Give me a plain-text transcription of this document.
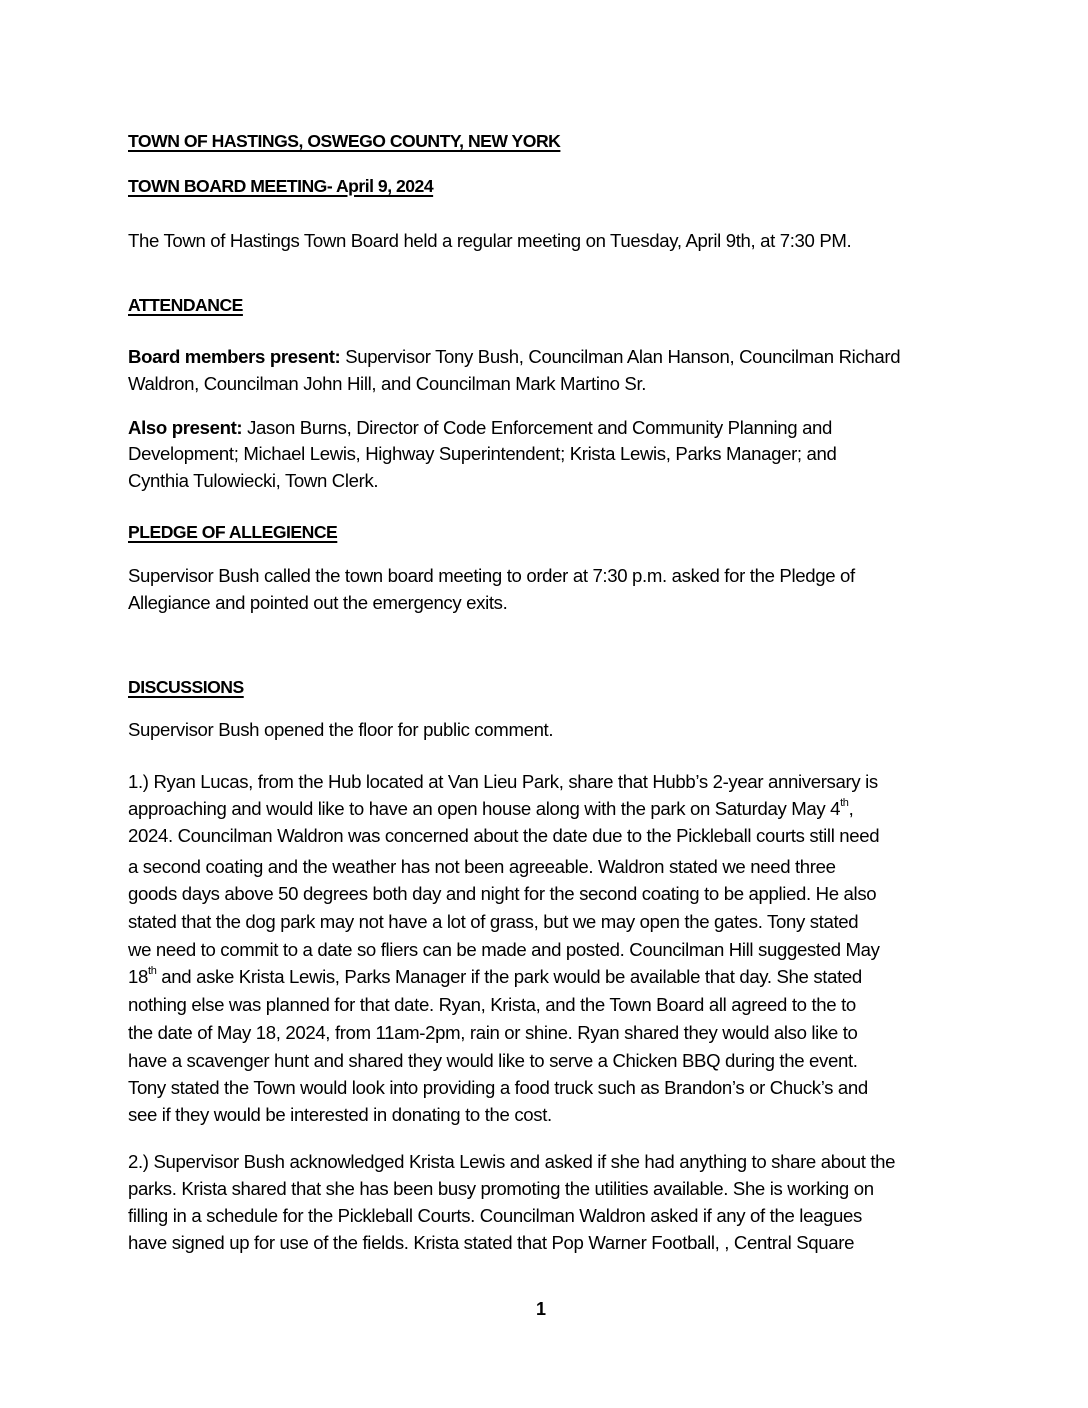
TOWN OF HASTINGS, OSWEGO COUNTY, NEW YORK
TOWN BOARD MEETING- April 9, 2024
The Town of Hastings Town Board held a regular meeting on Tuesday, April 9th, at 7:30 PM.
ATTENDANCE
Board members present: Supervisor Tony Bush, Councilman Alan Hanson, Councilman Richard
Waldron, Councilman John Hill, and Councilman Mark Martino Sr.
Also present: Jason Burns, Director of Code Enforcement and Community Planning and
Development; Michael Lewis, Highway Superintendent; Krista Lewis, Parks Manager; and
Cynthia Tulowiecki, Town Clerk.
PLEDGE OF ALLEGIENCE
Supervisor Bush called the town board meeting to order at 7:30 p.m. asked for the Pledge of
Allegiance and pointed out the emergency exits.
DISCUSSIONS
Supervisor Bush opened the floor for public comment.
1.) Ryan Lucas, from the Hub located at Van Lieu Park, share that Hubb’s 2-year anniversary is
approaching and would like to have an open house along with the park on Saturday May 4th,
2024. Councilman Waldron was concerned about the date due to the Pickleball courts still need
a second coating and the weather has not been agreeable. Waldron stated we need three
goods days above 50 degrees both day and night for the second coating to be applied. He also
stated that the dog park may not have a lot of grass, but we may open the gates. Tony stated
we need to commit to a date so fliers can be made and posted. Councilman Hill suggested May
18th and aske Krista Lewis, Parks Manager if the park would be available that day. She stated
nothing else was planned for that date. Ryan, Krista, and the Town Board all agreed to the to
the date of May 18, 2024, from 11am-2pm, rain or shine. Ryan shared they would also like to
have a scavenger hunt and shared they would like to serve a Chicken BBQ during the event.
Tony stated the Town would look into providing a food truck such as Brandon’s or Chuck’s and
see if they would be interested in donating to the cost.
2.) Supervisor Bush acknowledged Krista Lewis and asked if she had anything to share about the
parks. Krista shared that she has been busy promoting the utilities available. She is working on
filling in a schedule for the Pickleball Courts. Councilman Waldron asked if any of the leagues
have signed up for use of the fields. Krista stated that Pop Warner Football, , Central Square
1
